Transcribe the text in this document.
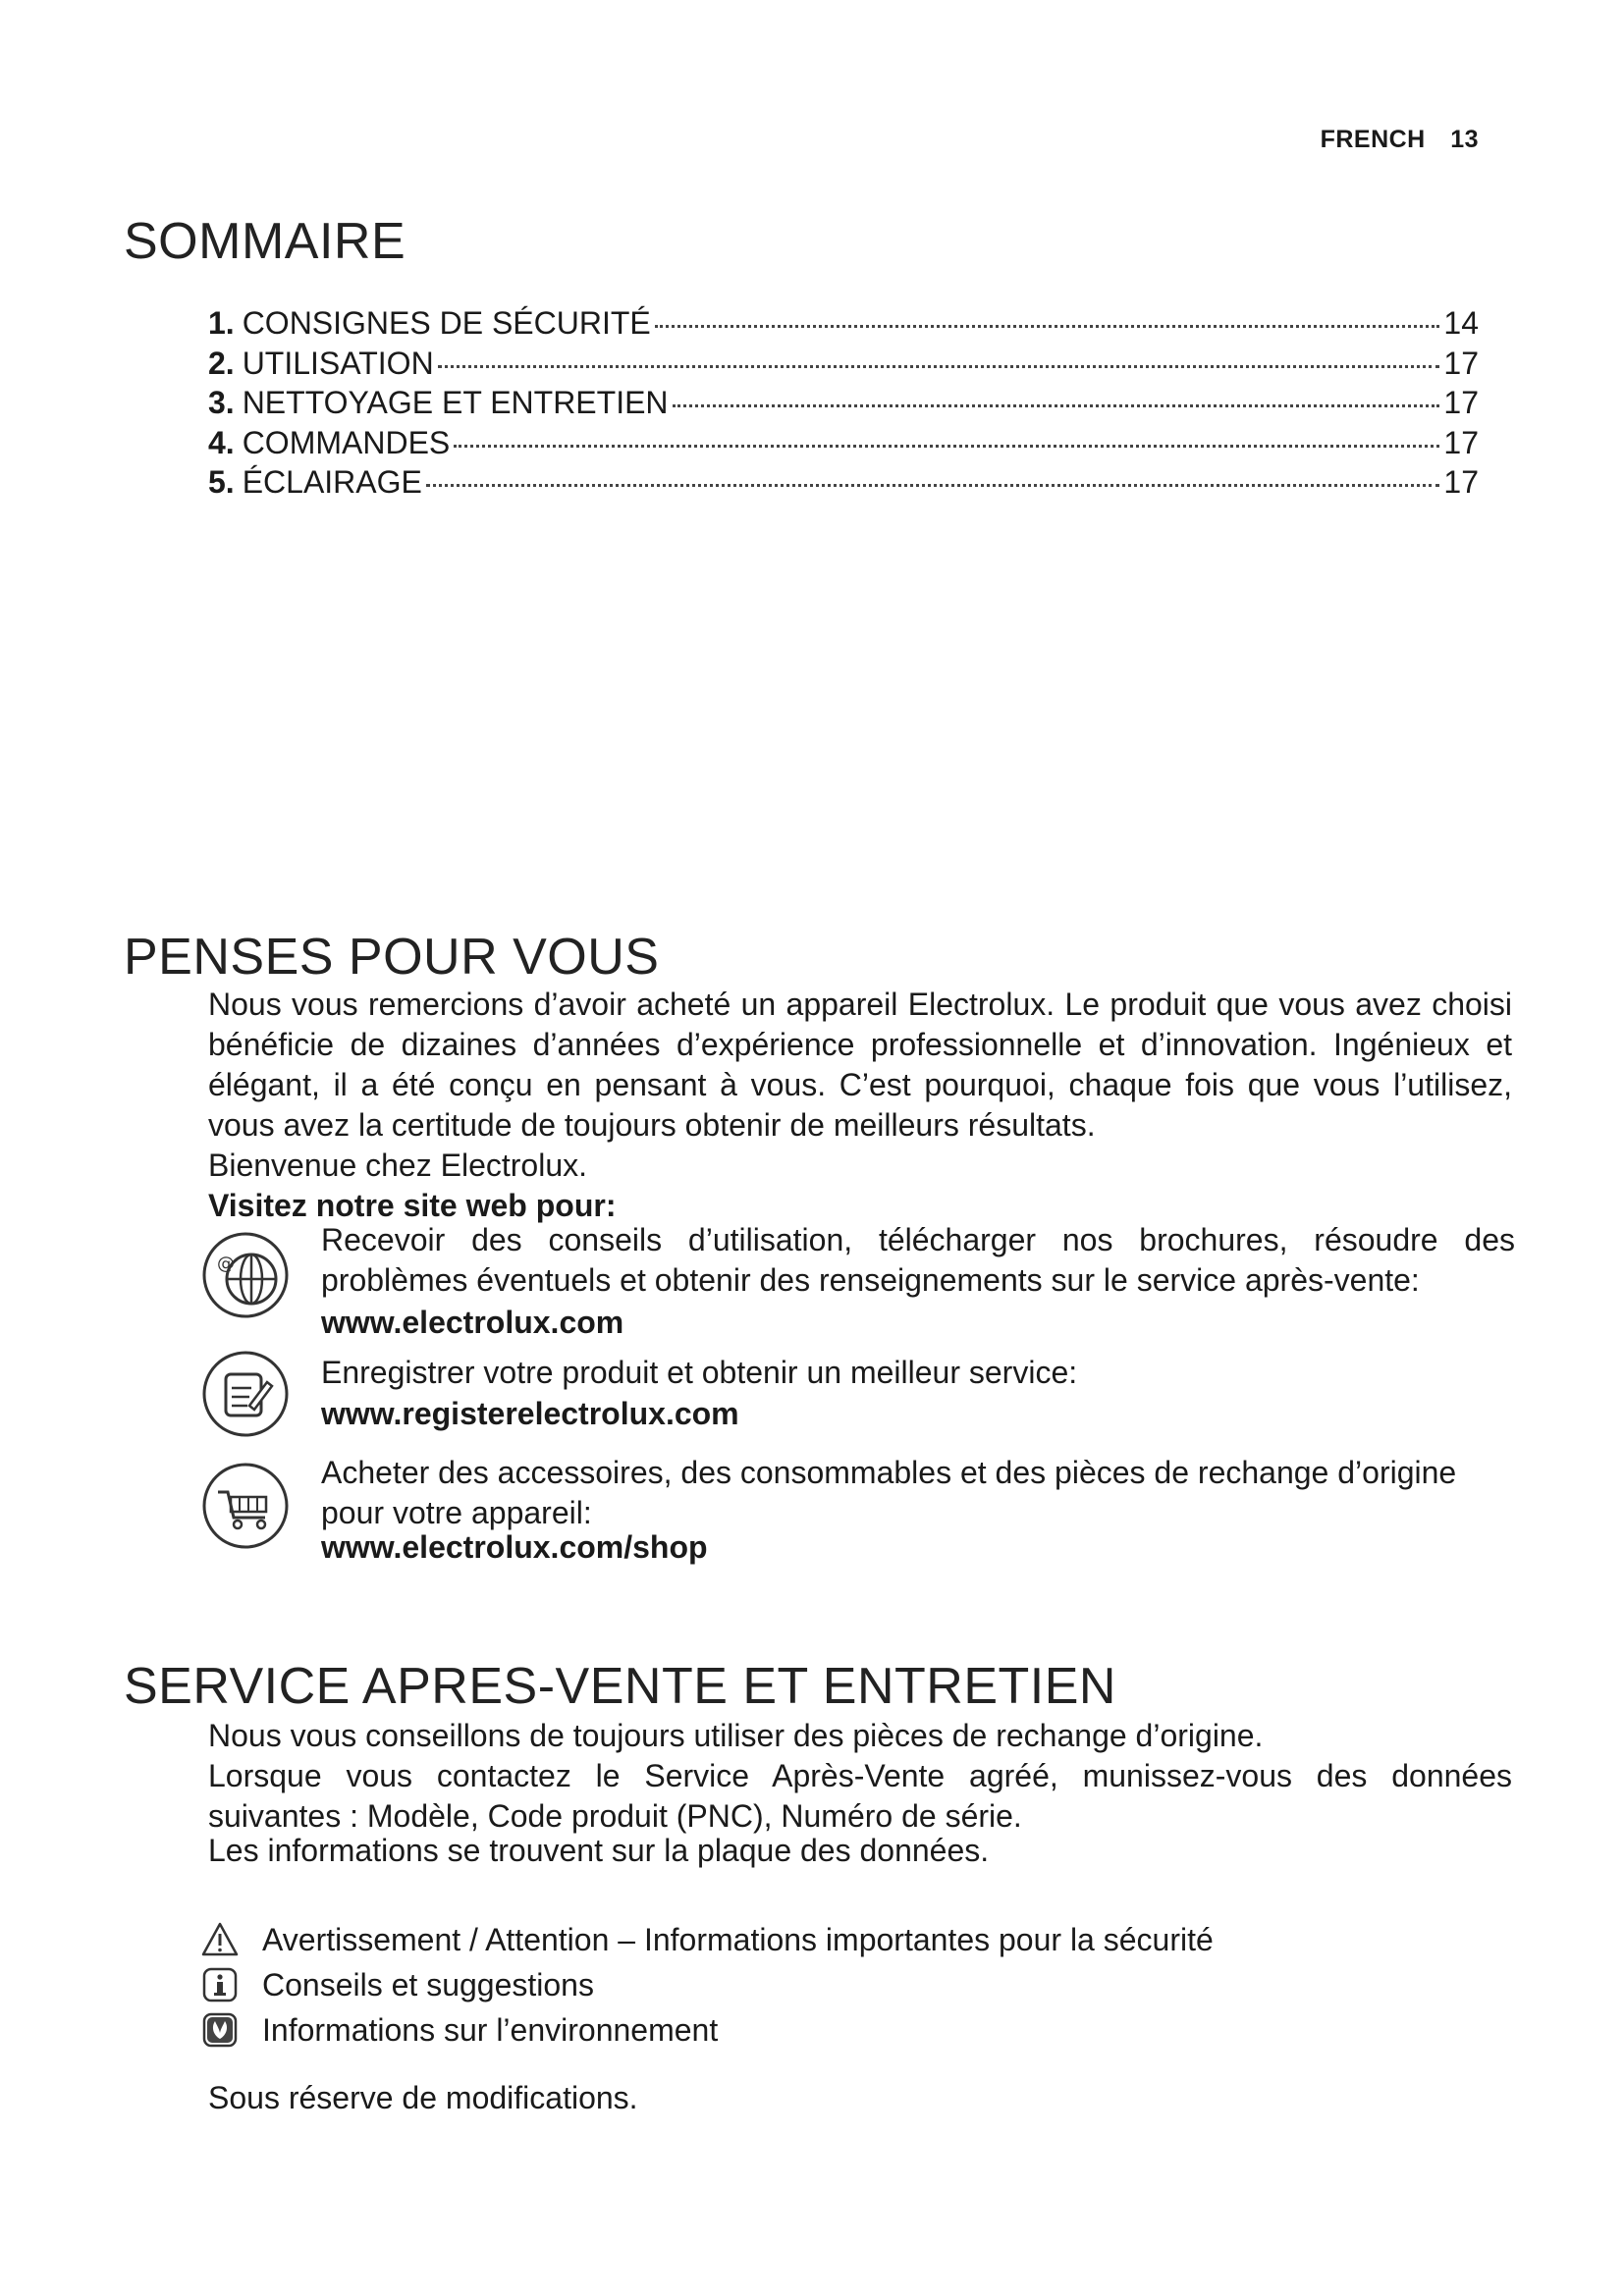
FRENCH 13
SOMMAIRE
1. CONSIGNES DE SÉCURITÉ	14
2. UTILISATION	17
3. NETTOYAGE ET ENTRETIEN	17
4. COMMANDES	17
5. ÉCLAIRAGE	17
PENSES POUR VOUS
Nous vous remercions d’avoir acheté un appareil Electrolux. Le produit que vous avez choisi bénéficie de dizaines d’années d’expérience professionnelle et d’innovation. Ingénieux et élégant, il a été conçu en pensant à vous. C’est pourquoi, chaque fois que vous l’utilisez, vous avez la certitude de toujours obtenir de meilleurs résultats.
Bienvenue chez Electrolux.
Visitez notre site web pour:
@
Recevoir des conseils d’utilisation, télécharger nos brochures, résoudre des problèmes éventuels et obtenir des renseignements sur le service après-vente:
www.electrolux.com
Enregistrer votre produit et obtenir un meilleur service:
www.registerelectrolux.com
Acheter des accessoires, des consommables et des pièces de rechange d’origine pour votre appareil:
www.electrolux.com/shop
SERVICE APRES-VENTE ET ENTRETIEN
Nous vous conseillons de toujours utiliser des pièces de rechange d’origine.
Lorsque vous contactez le Service Après-Vente agréé, munissez-vous des données suivantes : Modèle, Code produit (PNC), Numéro de série.
Les informations se trouvent sur la plaque des données.
Avertissement / Attention – Informations importantes pour la sécurité
Conseils et suggestions
Informations sur l’environnement
Sous réserve de modifications.
